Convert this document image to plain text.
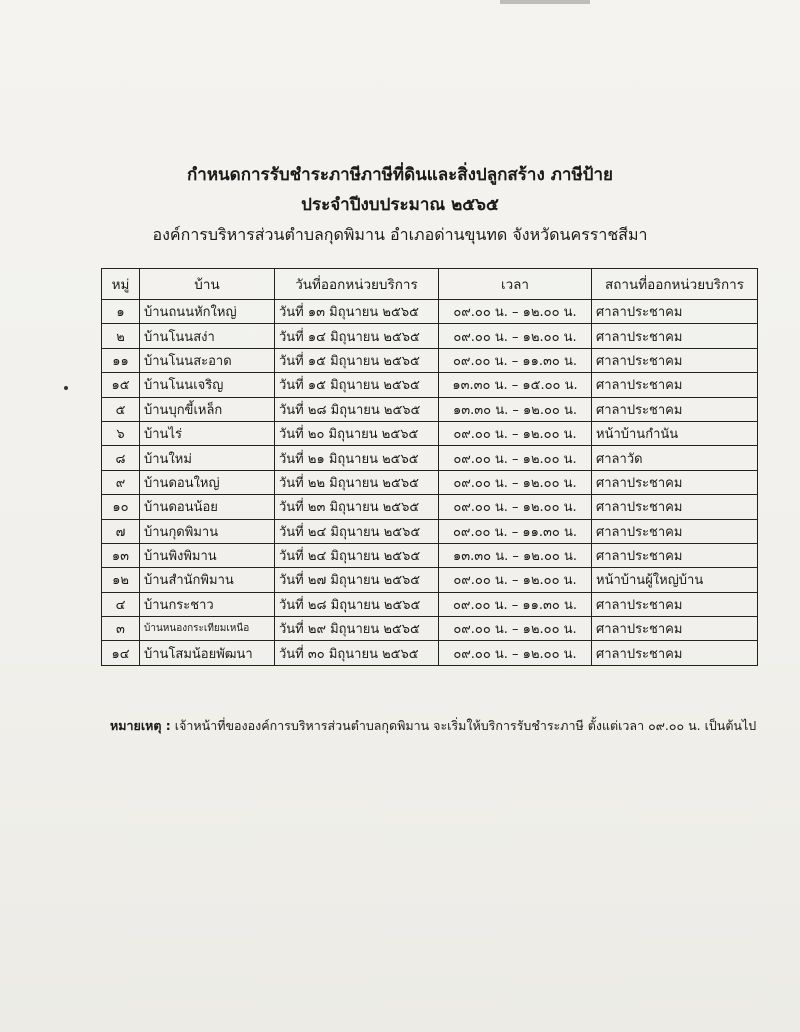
กำหนดการรับชำระภาษีภาษีที่ดินและสิ่งปลูกสร้าง ภาษีป้าย
ประจำปีงบประมาณ ๒๕๖๕
องค์การบริหารส่วนตำบลกุดพิมาน อำเภอด่านขุนทด จังหวัดนครราชสีมา
หมู่	บ้าน	วันที่ออกหน่วยบริการ	เวลา	สถานที่ออกหน่วยบริการ
๑	บ้านถนนหักใหญ่	วันที่ ๑๓ มิถุนายน ๒๕๖๕	๐๙.๐๐ น. – ๑๒.๐๐ น.	ศาลาประชาคม
๒	บ้านโนนสง่า	วันที่ ๑๔ มิถุนายน ๒๕๖๕	๐๙.๐๐ น. – ๑๒.๐๐ น.	ศาลาประชาคม
๑๑	บ้านโนนสะอาด	วันที่ ๑๕ มิถุนายน ๒๕๖๕	๐๙.๐๐ น. – ๑๑.๓๐ น.	ศาลาประชาคม
๑๕	บ้านโนนเจริญ	วันที่ ๑๕ มิถุนายน ๒๕๖๕	๑๓.๓๐ น. – ๑๕.๐๐ น.	ศาลาประชาคม
๕	บ้านบุกขี้เหล็ก	วันที่ ๒๘ มิถุนายน ๒๕๖๕	๑๓.๓๐ น. – ๑๒.๐๐ น.	ศาลาประชาคม
๖	บ้านไร่	วันที่ ๒๐ มิถุนายน ๒๕๖๕	๐๙.๐๐ น. – ๑๒.๐๐ น.	หน้าบ้านกำนัน
๘	บ้านใหม่	วันที่ ๒๑ มิถุนายน ๒๕๖๕	๐๙.๐๐ น. – ๑๒.๐๐ น.	ศาลาวัด
๙	บ้านดอนใหญ่	วันที่ ๒๒ มิถุนายน ๒๕๖๕	๐๙.๐๐ น. – ๑๒.๐๐ น.	ศาลาประชาคม
๑๐	บ้านดอนน้อย	วันที่ ๒๓ มิถุนายน ๒๕๖๕	๐๙.๐๐ น. – ๑๒.๐๐ น.	ศาลาประชาคม
๗	บ้านกุดพิมาน	วันที่ ๒๔ มิถุนายน ๒๕๖๕	๐๙.๐๐ น. – ๑๑.๓๐ น.	ศาลาประชาคม
๑๓	บ้านพิงพิมาน	วันที่ ๒๔ มิถุนายน ๒๕๖๕	๑๓.๓๐ น. – ๑๒.๐๐ น.	ศาลาประชาคม
๑๒	บ้านสำนักพิมาน	วันที่ ๒๗ มิถุนายน ๒๕๖๕	๐๙.๐๐ น. – ๑๒.๐๐ น.	หน้าบ้านผู้ใหญ่บ้าน
๔	บ้านกระชาว	วันที่ ๒๘ มิถุนายน ๒๕๖๕	๐๙.๐๐ น. – ๑๑.๓๐ น.	ศาลาประชาคม
๓	บ้านหนองกระเทียมเหนือ	วันที่ ๒๙ มิถุนายน ๒๕๖๕	๐๙.๐๐ น. – ๑๒.๐๐ น.	ศาลาประชาคม
๑๔	บ้านโสมน้อยพัฒนา	วันที่ ๓๐ มิถุนายน ๒๕๖๕	๐๙.๐๐ น. – ๑๒.๐๐ น.	ศาลาประชาคม
หมายเหตุ : เจ้าหน้าที่ขององค์การบริหารส่วนตำบลกุดพิมาน จะเริ่มให้บริการรับชำระภาษี ตั้งแต่เวลา ๐๙.๐๐ น. เป็นต้นไป
